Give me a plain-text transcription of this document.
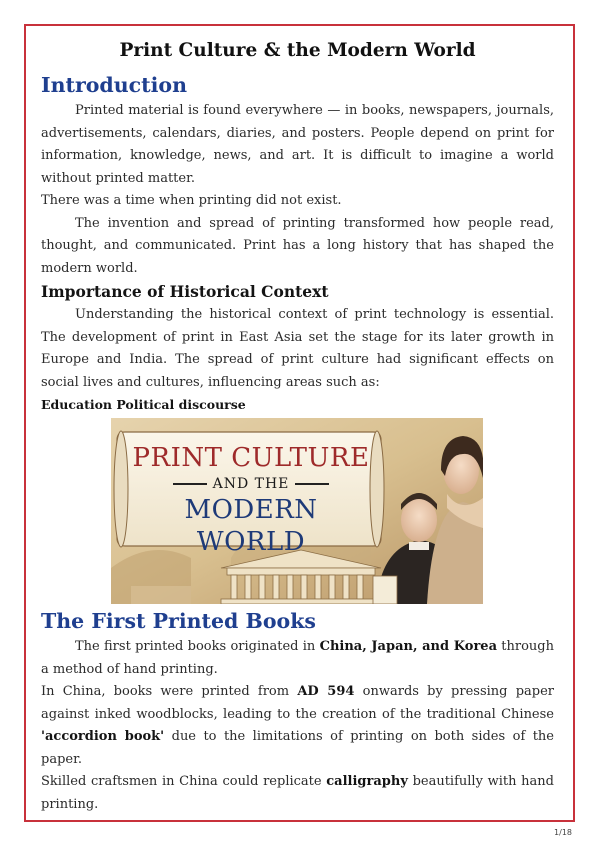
Print Culture & the Modern World
Introduction

Printed material is found everywhere — in books, newspapers, journals, advertisements, calendars, diaries, and posters. People depend on print for information, knowledge, news, and art. It is difficult to imagine a world without printed matter.

There was a time when printing did not exist.

The invention and spread of printing transformed how people read, thought, and communicated. Print has a long history that has shaped the modern world.

Importance of Historical Context

Understanding the historical context of print technology is essential. The development of print in East Asia set the stage for its later growth in Europe and India. The spread of print culture had significant effects on social lives and cultures, influencing areas such as:

Education Political discourse
PRINT CULTURE
AND THE
MODERN WORLD
The First Printed Books

The first printed books originated in China, Japan, and Korea through a method of hand printing.

In China, books were printed from AD 594 onwards by pressing paper against inked woodblocks, leading to the creation of the traditional Chinese 'accordion book' due to the limitations of printing on both sides of the paper.

Skilled craftsmen in China could replicate calligraphy beautifully with hand printing.

1/18
